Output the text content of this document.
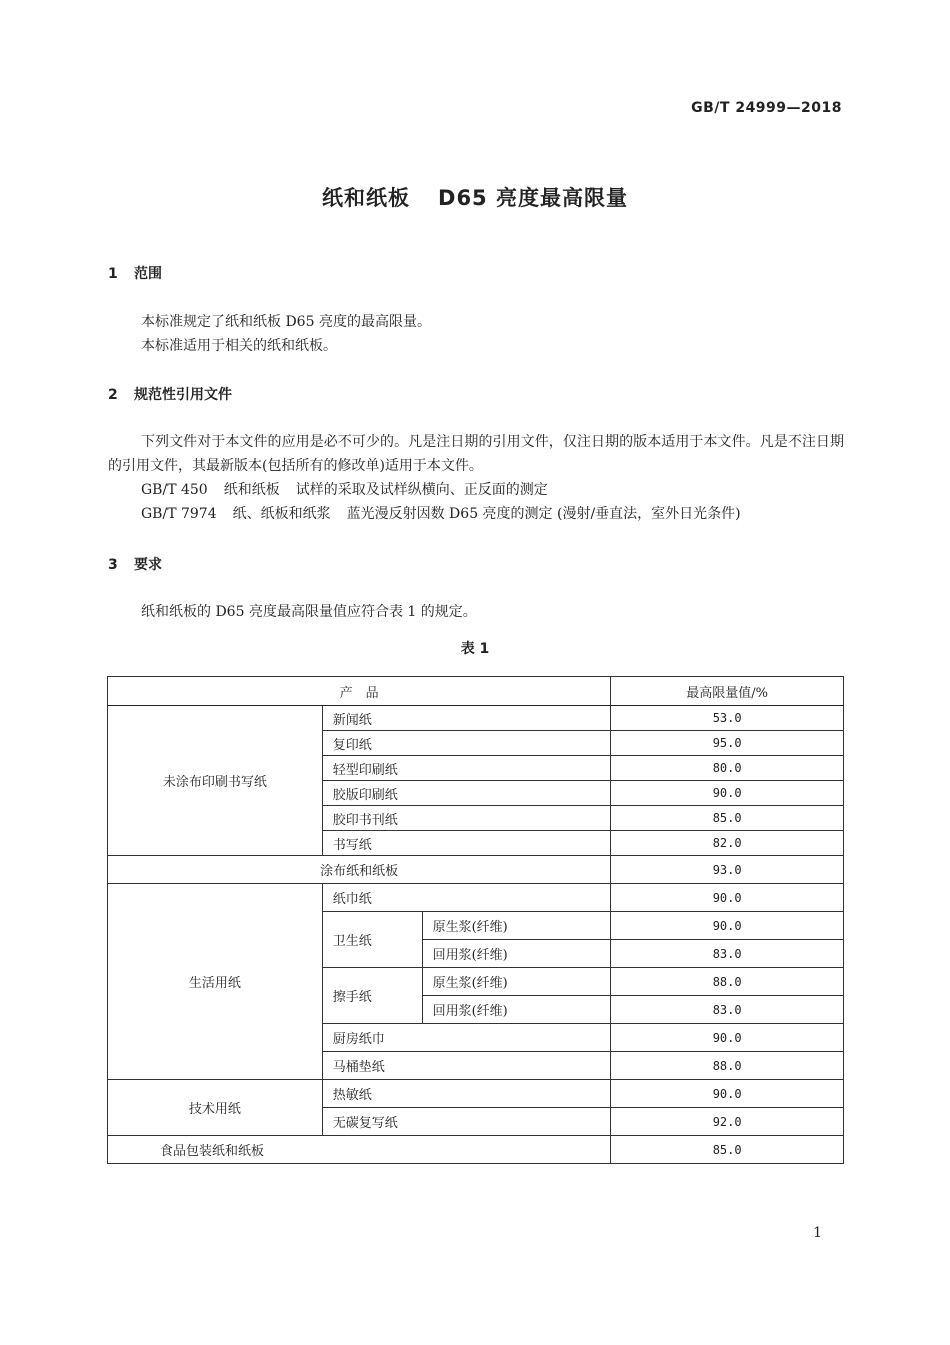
GB/T 24999—2018
纸和纸板 D65 亮度最高限量
1 范围

本标准规定了纸和纸板 D65 亮度的最高限量。

本标准适用于相关的纸和纸板。

2 规范性引用文件

下列文件对于本文件的应用是必不可少的。凡是注日期的引用文件，仅注日期的版本适用于本文件。凡是不注日期的引用文件，其最新版本(包括所有的修改单)适用于本文件。

GB/T 450 纸和纸板 试样的采取及试样纵横向、正反面的测定

GB/T 7974 纸、纸板和纸浆 蓝光漫反射因数 D65 亮度的测定 (漫射/垂直法，室外日光条件)

3 要求

纸和纸板的 D65 亮度最高限量值应符合表 1 的规定。

表 1
产　品			最高限量值/%
未涂布印刷书写纸	新闻纸		53.0
	复印纸		95.0
	轻型印刷纸		80.0
	胶版印刷纸		90.0
	胶印书刊纸		85.0
	书写纸		82.0
涂布纸和纸板			93.0
生活用纸	纸巾纸		90.0
	卫生纸	原生浆(纤维)	90.0
		回用浆(纤维)	83.0
	擦手纸	原生浆(纤维)	88.0
		回用浆(纤维)	83.0
	厨房纸巾		90.0
	马桶垫纸		88.0
技术用纸	热敏纸		90.0
	无碳复写纸		92.0
食品包装纸和纸板			85.0
1
